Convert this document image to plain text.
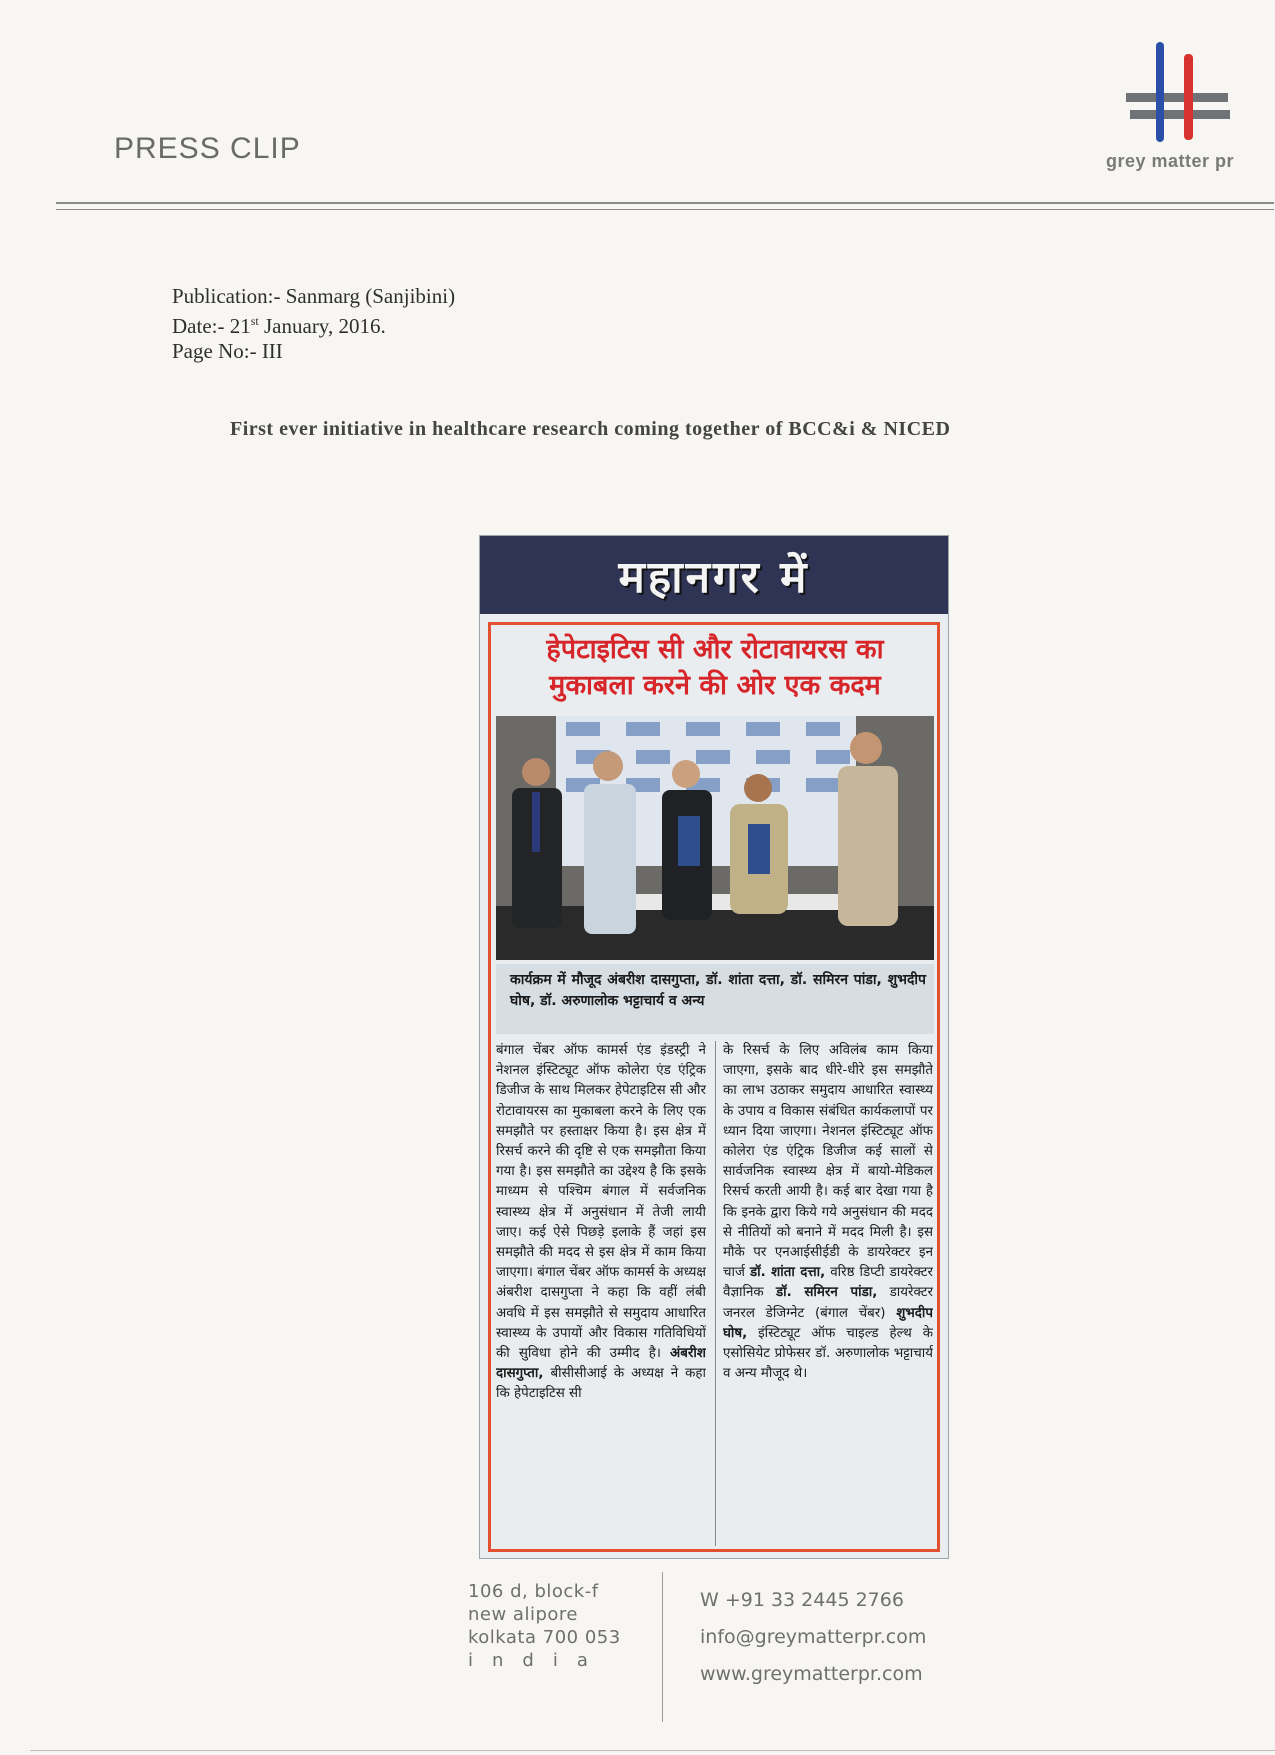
PRESS CLIP	grey matter pr
Publication:- Sanmarg (Sanjibini)
Date:- 21st January, 2016.
Page No:- III
First ever initiative in healthcare research coming together of BCC&i & NICED
महानगर में
हेपेटाइटिस सी और रोटावायरस का
मुकाबला करने की ओर एक कदम
कार्यक्रम में मौजूद अंबरीश दासगुप्ता, डॉ. शांता दत्ता, डॉ. समिरन पांडा, शुभदीप घोष, डॉ. अरुणालोक भट्टाचार्य व अन्य
बंगाल चेंबर ऑफ कामर्स एंड इंडस्ट्री ने नेशनल इंस्टिट्यूट ऑफ कोलेरा एंड एंट्रिक डिजीज के साथ मिलकर हेपेटाइटिस सी और रोटावायरस का मुकाबला करने के लिए एक समझौते पर हस्ताक्षर किया है। इस क्षेत्र में रिसर्च करने की दृष्टि से एक समझौता किया गया है। इस समझौते का उद्देश्य है कि इसके माध्यम से पश्चिम बंगाल में सर्वजनिक स्वास्थ्य क्षेत्र में अनुसंधान में तेजी लायी जाए। कई ऐसे पिछड़े इलाके हैं जहां इस समझौते की मदद से इस क्षेत्र में काम किया जाएगा। बंगाल चेंबर ऑफ कामर्स के अध्यक्ष अंबरीश दासगुप्ता ने कहा कि वहीं लंबी अवधि में इस समझौते से समुदाय आधारित स्वास्थ्य के उपायों और विकास गतिविधियों की सुविधा होने की उम्मीद है। अंबरीश दासगुप्ता, बीसीसीआई के अध्यक्ष ने कहा कि हेपेटाइटिस सी
के रिसर्च के लिए अविलंब काम किया जाएगा, इसके बाद धीरे-धीरे इस समझौते का लाभ उठाकर समुदाय आधारित स्वास्थ्य के उपाय व विकास संबंधित कार्यकलापों पर ध्यान दिया जाएगा। नेशनल इंस्टिट्यूट ऑफ कोलेरा एंड एंट्रिक डिजीज कई सालों से सार्वजनिक स्वास्थ्य क्षेत्र में बायो-मेडिकल रिसर्च करती आयी है। कई बार देखा गया है कि इनके द्वारा किये गये अनुसंधान की मदद से नीतियों को बनाने में मदद मिली है। इस मौके पर एनआईसीईडी के डायरेक्टर इन चार्ज डॉ. शांता दत्ता, वरिष्ठ डिप्टी डायरेक्टर वैज्ञानिक डॉ. समिरन पांडा, डायरेक्टर जनरल डेजिग्नेट (बंगाल चेंबर) शुभदीप घोष, इंस्टिट्यूट ऑफ चाइल्ड हेल्थ के एसोसियेट प्रोफेसर डॉ. अरुणालोक भट्टाचार्य व अन्य मौजूद थे।
106 d, block-f
new alipore
kolkata 700 053
india
W +91 33 2445 2766
info@greymatterpr.com
www.greymatterpr.com
